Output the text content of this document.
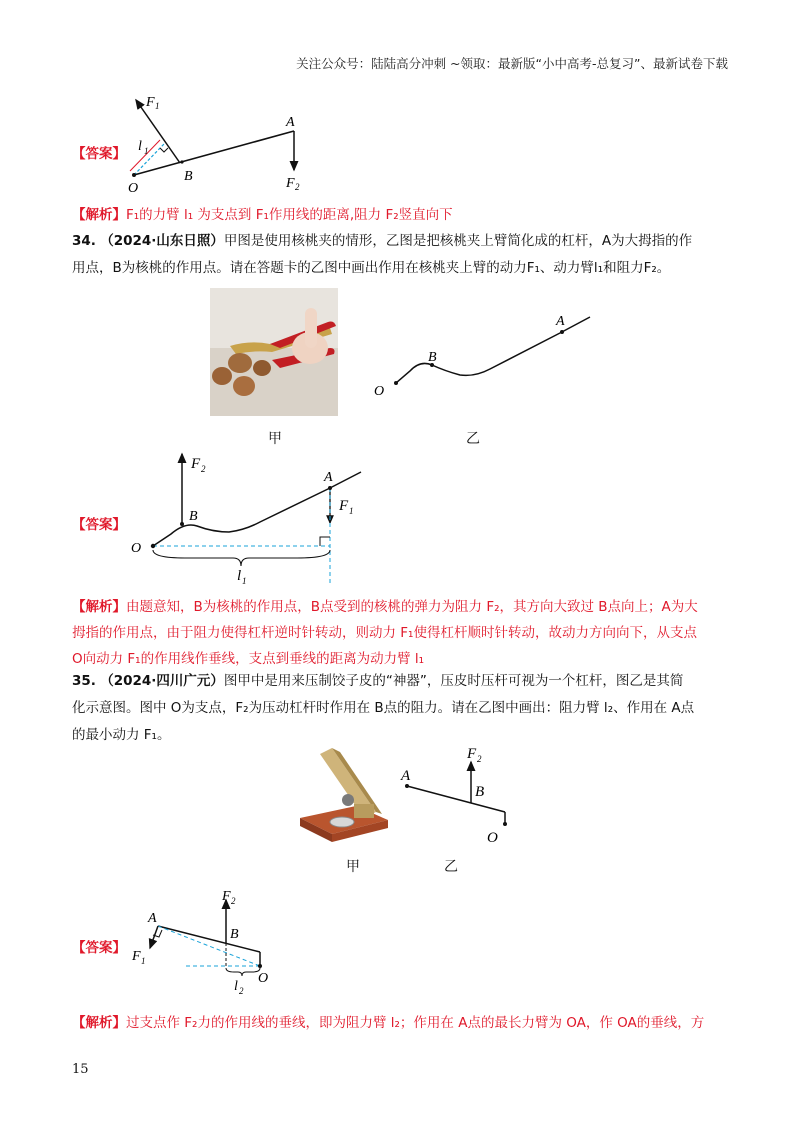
关注公众号：陆陆高分冲刺 ~领取：最新版“小中高考-总复习”、最新试卷下载
【答案】
F 1
A
l 1
O
B	F 2
【解析】F₁的力臂 l₁ 为支点到 F₁作用线的距离,阻力 F₂竖直向下
34. （2024·山东日照）甲图是使用核桃夹的情形，乙图是把核桃夹上臂简化成的杠杆，A为大拇指的作
用点，B为核桃的作用点。请在答题卡的乙图中画出作用在核桃夹上臂的动力F₁、动力臂l₁和阻力F₂。
O
B
A
甲	乙
【答案】
F 2
A
F 1
B
O
l 1
【解析】由题意知，B为核桃的作用点，B点受到的核桃的弹力为阻力 F₂，其方向大致过 B点向上；A为大
拇指的作用点，由于阻力使得杠杆逆时针转动，则动力 F₁使得杠杆顺时针转动，故动力方向向下，从支点
O向动力 F₁的作用线作垂线，支点到垂线的距离为动力臂 l₁
35. （2024·四川广元）图甲中是用来压制饺子皮的“神器”，压皮时压杆可视为一个杠杆，图乙是其简
化示意图。图中 O为支点，F₂为压动杠杆时作用在 B点的阻力。请在乙图中画出：阻力臂 l₂、作用在 A点
的最小动力 F₁。
A
F 2
B
O
甲	乙
【答案】
A
F 2
B
F 1
l 2
O
【解析】过支点作 F₂力的作用线的垂线，即为阻力臂 l₂；作用在 A点的最长力臂为 OA，作 OA的垂线，方
15
